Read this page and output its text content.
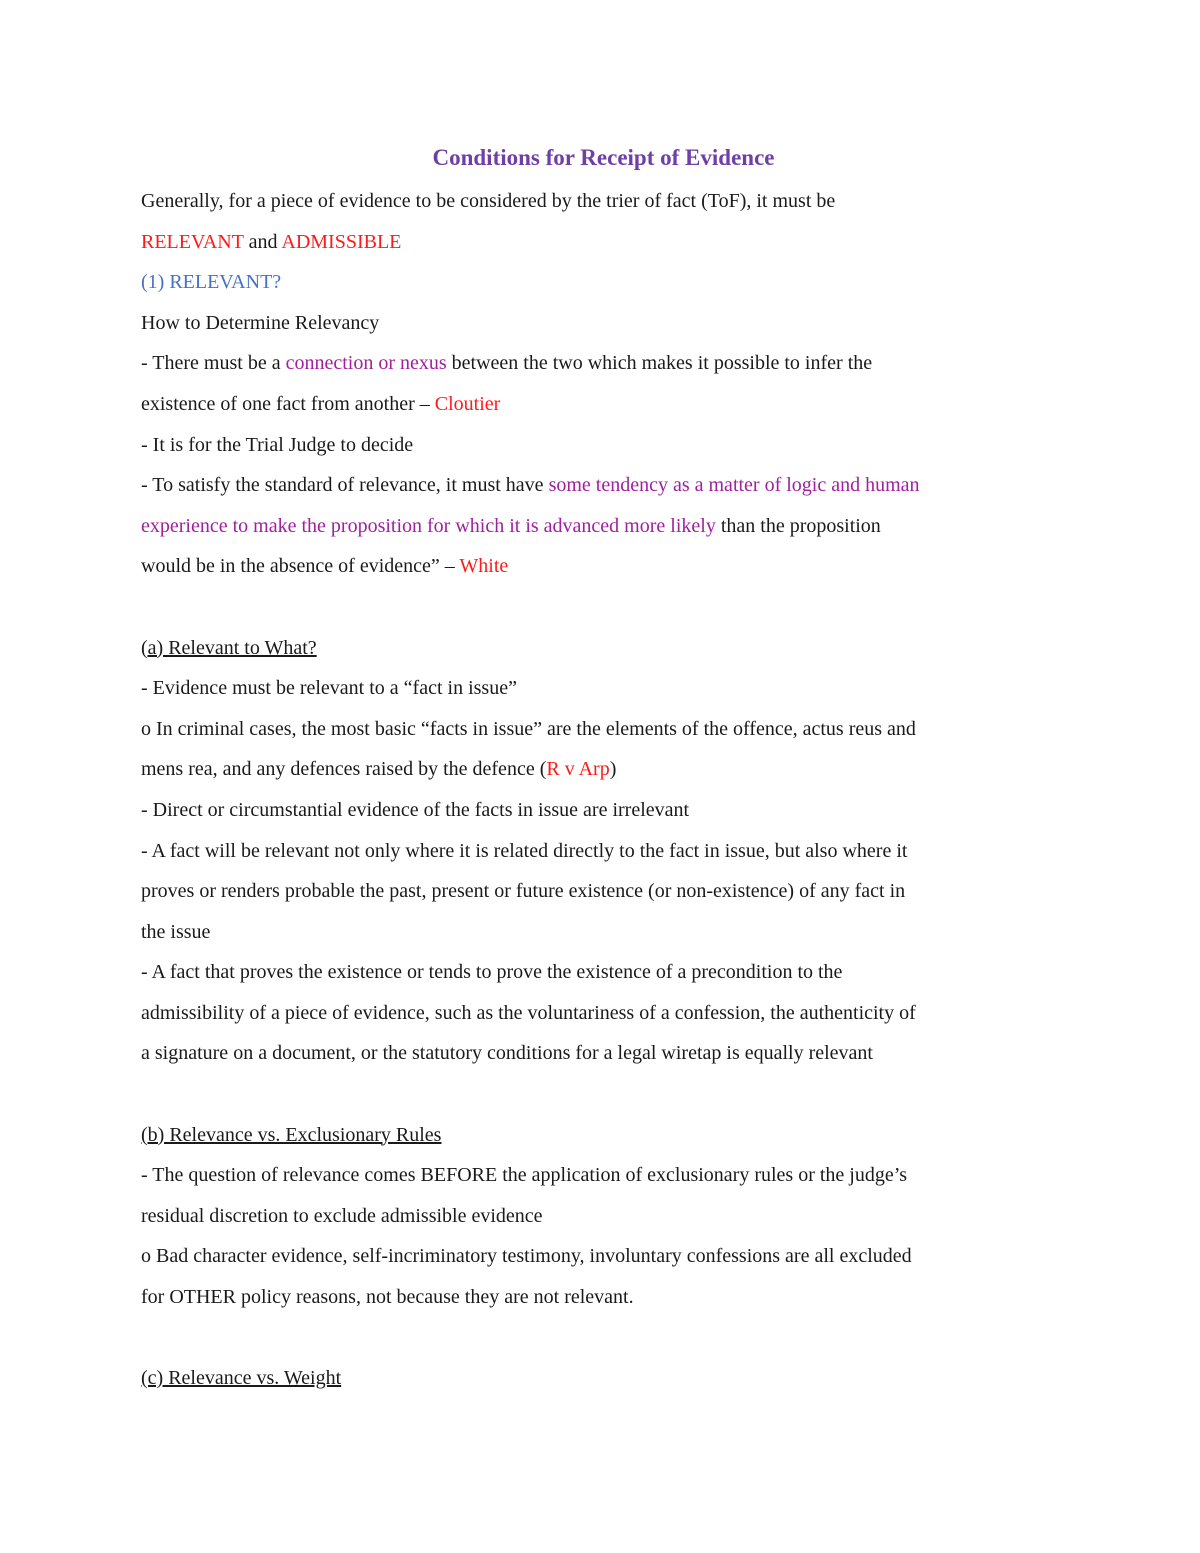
Conditions for Receipt of Evidence
Generally, for a piece of evidence to be considered by the trier of fact (ToF), it must be
RELEVANT and ADMISSIBLE
(1) RELEVANT?
How to Determine Relevancy
- There must be a connection or nexus between the two which makes it possible to infer the
existence of one fact from another – Cloutier
- It is for the Trial Judge to decide
- To satisfy the standard of relevance, it must have some tendency as a matter of logic and human
experience to make the proposition for which it is advanced more likely than the proposition
would be in the absence of evidence” – White
(a) Relevant to What?
- Evidence must be relevant to a “fact in issue”
o In criminal cases, the most basic “facts in issue” are the elements of the offence, actus reus and
mens rea, and any defences raised by the defence (R v Arp)
- Direct or circumstantial evidence of the facts in issue are irrelevant
- A fact will be relevant not only where it is related directly to the fact in issue, but also where it
proves or renders probable the past, present or future existence (or non-existence) of any fact in
the issue
- A fact that proves the existence or tends to prove the existence of a precondition to the
admissibility of a piece of evidence, such as the voluntariness of a confession, the authenticity of
a signature on a document, or the statutory conditions for a legal wiretap is equally relevant
(b) Relevance vs. Exclusionary Rules
- The question of relevance comes BEFORE the application of exclusionary rules or the judge’s
residual discretion to exclude admissible evidence
o Bad character evidence, self-incriminatory testimony, involuntary confessions are all excluded
for OTHER policy reasons, not because they are not relevant.
(c) Relevance vs. Weight
